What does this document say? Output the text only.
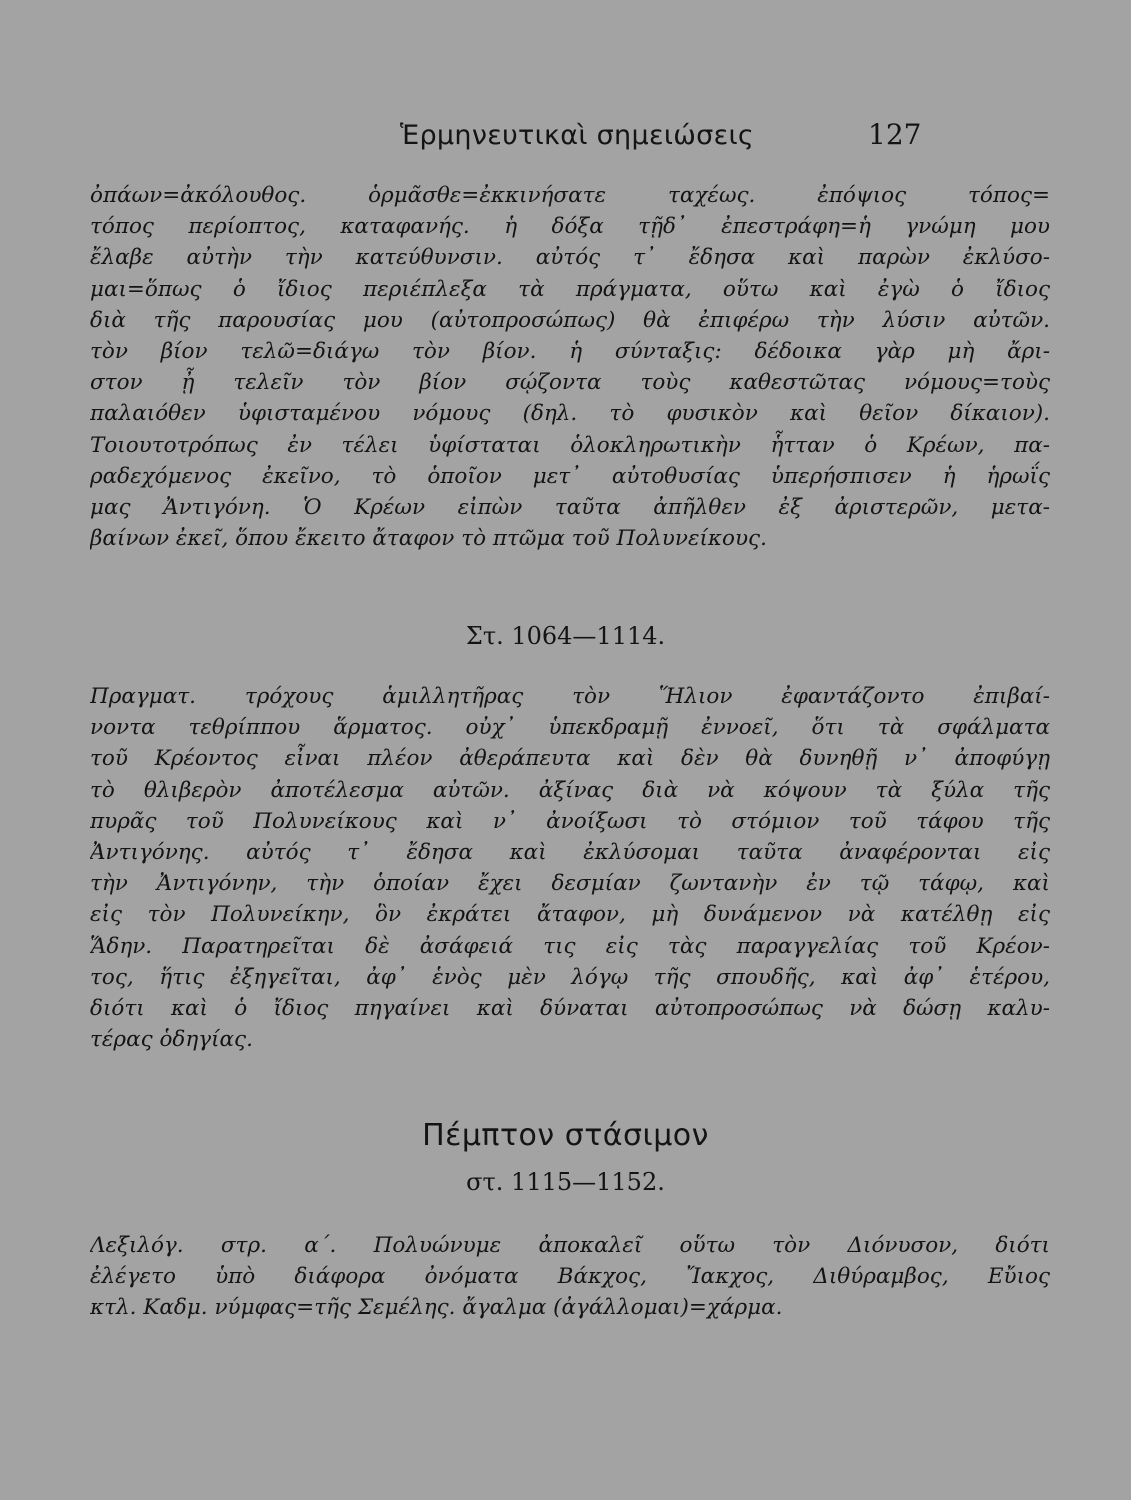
Ἑρμηνευτικαὶ σημειώσεις	127
ὀπάων=ἀκόλουθος. ὁρμᾶσθε=ἐκκινήσατε ταχέως. ἐπόψιος τόπος=
τόπος περίοπτος, καταφανής. ἡ δόξα τῇδ᾽ ἐπεστράφη=ἡ γνώμη μου
ἔλαβε αὐτὴν τὴν κατεύθυνσιν. αὐτός τ᾽ ἔδησα καὶ παρὼν ἐκλύσο-
μαι=ὅπως ὁ ἴδιος περιέπλεξα τὰ πράγματα, οὕτω καὶ ἐγὼ ὁ ἴδιος
διὰ τῆς παρουσίας μου (αὐτοπροσώπως) θὰ ἐπιφέρω τὴν λύσιν αὐτῶν.
τὸν βίον τελῶ=διάγω τὸν βίον. ἡ σύνταξις: δέδοικα γὰρ μὴ ἄρι-
στον ᾖ τελεῖν τὸν βίον σῴζοντα τοὺς καθεστῶτας νόμους=τοὺς
παλαιόθεν ὑφισταμένου νόμους (δηλ. τὸ φυσικὸν καὶ θεῖον δίκαιον).
Τοιουτοτρόπως ἐν τέλει ὑφίσταται ὁλοκληρωτικὴν ἧτταν ὁ Κρέων, πα-
ραδεχόμενος ἐκεῖνο, τὸ ὁποῖον μετ᾽ αὐτοθυσίας ὑπερήσπισεν ἡ ἡρωΐς
μας Ἀντιγόνη. Ὁ Κρέων εἰπὼν ταῦτα ἀπῆλθεν ἐξ ἀριστερῶν, μετα-
βαίνων ἐκεῖ, ὅπου ἔκειτο ἄταφον τὸ πτῶμα τοῦ Πολυνείκους.
Στ. 1064—1114.
Πραγματ. τρόχους ἁμιλλητῆρας τὸν Ἥλιον ἐφαντάζοντο ἐπιβαί-
νοντα τεθρίππου ἅρματος. οὐχ᾽ ὑπεκδραμῇ ἐννοεῖ, ὅτι τὰ σφάλματα
τοῦ Κρέοντος εἶναι πλέον ἀθεράπευτα καὶ δὲν θὰ δυνηθῇ ν᾽ ἀποφύγῃ
τὸ θλιβερὸν ἀποτέλεσμα αὐτῶν. ἀξίνας διὰ νὰ κόψουν τὰ ξύλα τῆς
πυρᾶς τοῦ Πολυνείκους καὶ ν᾽ ἀνοίξωσι τὸ στόμιον τοῦ τάφου τῆς
Ἀντιγόνης. αὐτός τ᾽ ἔδησα καὶ ἐκλύσομαι ταῦτα ἀναφέρονται εἰς
τὴν Ἀντιγόνην, τὴν ὁποίαν ἔχει δεσμίαν ζωντανὴν ἐν τῷ τάφῳ, καὶ
εἰς τὸν Πολυνείκην, ὃν ἐκράτει ἄταφον, μὴ δυνάμενον νὰ κατέλθῃ εἰς
Ἅδην. Παρατηρεῖται δὲ ἀσάφειά τις εἰς τὰς παραγγελίας τοῦ Κρέον-
τος, ἥτις ἐξηγεῖται, ἀφ᾽ ἑνὸς μὲν λόγῳ τῆς σπουδῆς, καὶ ἀφ᾽ ἑτέρου,
διότι καὶ ὁ ἴδιος πηγαίνει καὶ δύναται αὐτοπροσώπως νὰ δώσῃ καλυ-
τέρας ὁδηγίας.
Πέμπτον στάσιμον
στ. 1115—1152.
Λεξιλόγ. στρ. α΄. Πολυώνυμε ἀποκαλεῖ οὕτω τὸν Διόνυσον, διότι
ἐλέγετο ὑπὸ διάφορα ὀνόματα Βάκχος, Ἴακχος, Διθύραμβος, Εὔιος
κτλ. Καδμ. νύμφας=τῆς Σεμέλης. ἄγαλμα (ἀγάλλομαι)=χάρμα.
